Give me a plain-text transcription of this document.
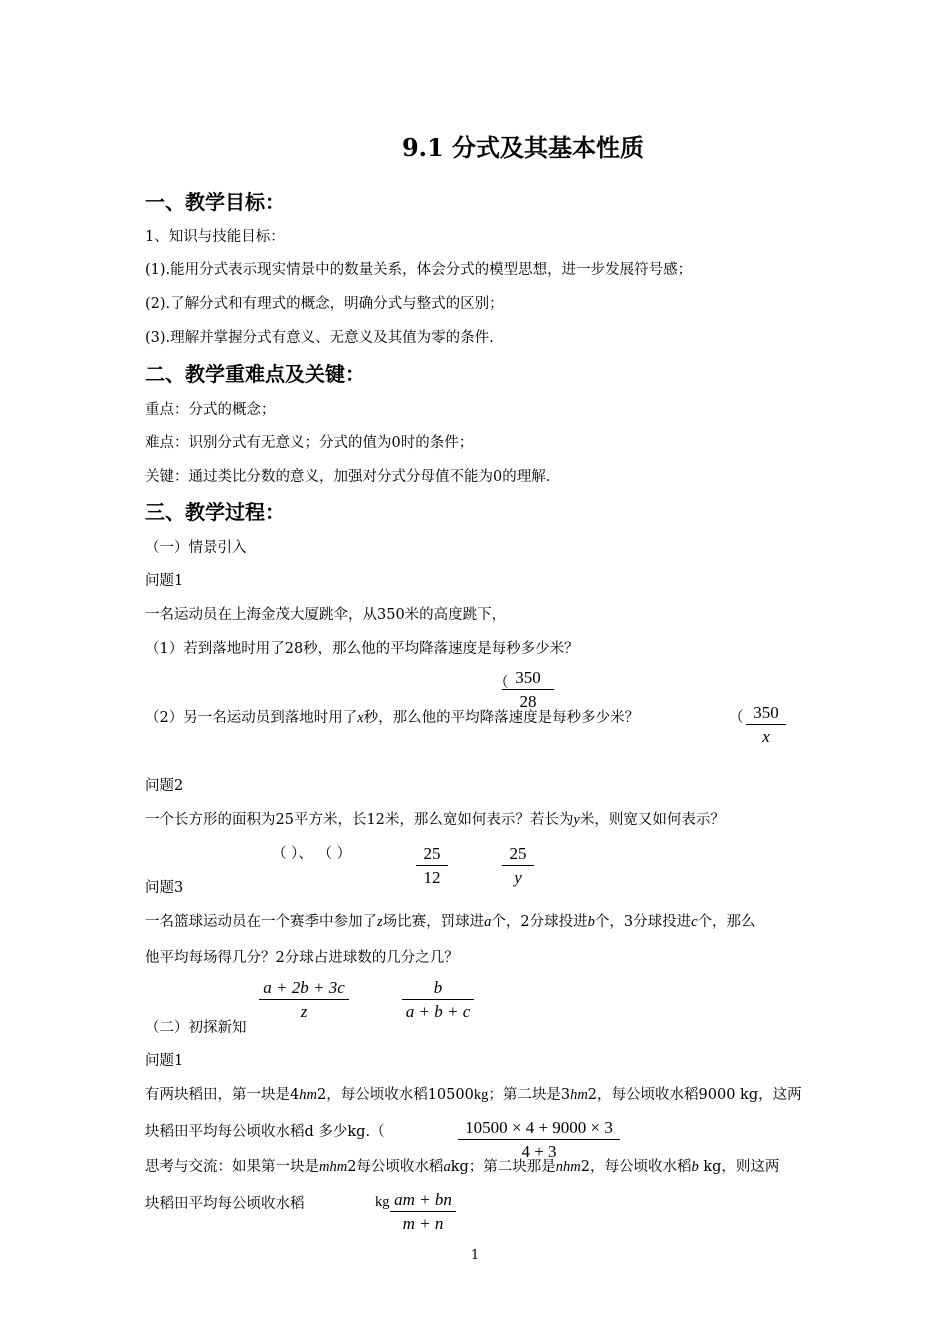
9.1 分式及其基本性质
一、教学目标：
1、知识与技能目标：
(1).能用分式表示现实情景中的数量关系，体会分式的模型思想，进一步发展符号感；
(2).了解分式和有理式的概念，明确分式与整式的区别；
(3).理解并掌握分式有意义、无意义及其值为零的条件.
二、教学重难点及关键：
重点：分式的概念；
难点：识别分式有无意义；分式的值为0时的条件；
关键：通过类比分数的意义，加强对分式分母值不能为0的理解.
三、教学过程：
（一）情景引入
问题1
一名运动员在上海金茂大厦跳伞，从350米的高度跳下，
（1）若到落地时用了28秒，那么他的平均降落速度是每秒多少米？
（
$\frac{350}{28}$
（2）另一名运动员到落地时用了x秒，那么他的平均降落速度是每秒多少米？	（ $\frac{350}{x}$
问题2
一个长方形的面积为25平方米，长12米，那么宽如何表示？若长为y米，则宽又如何表示？
（ ）、 （ ）	$\frac{25}{12}$	$\frac{25}{y}$
问题3
一名篮球运动员在一个赛季中参加了z场比赛，罚球进a个，2分球投进b个，3分球投进c个，那么
他平均每场得几分？2分球占进球数的几分之几？
$\frac{a + 2b + 3c}{z}$	$\frac{b}{a + b + c}$
（二）初探新知
问题1
有两块稻田，第一块是4hm2，每公顷收水稻10500kg；第二块是3hm2，每公顷收水稻9000 kg，这两
块稻田平均每公顷收水稻d 多少kg.（	$\frac{10500 \times 4 + 9000 \times 3}{4 + 3}$
思考与交流：如果第一块是mhm2每公顷收水稻akg；第二块那是nhm2，每公顷收水稻b kg，则这两
块稻田平均每公顷收水稻	kg $\frac{am + bn}{m + n}$
1
